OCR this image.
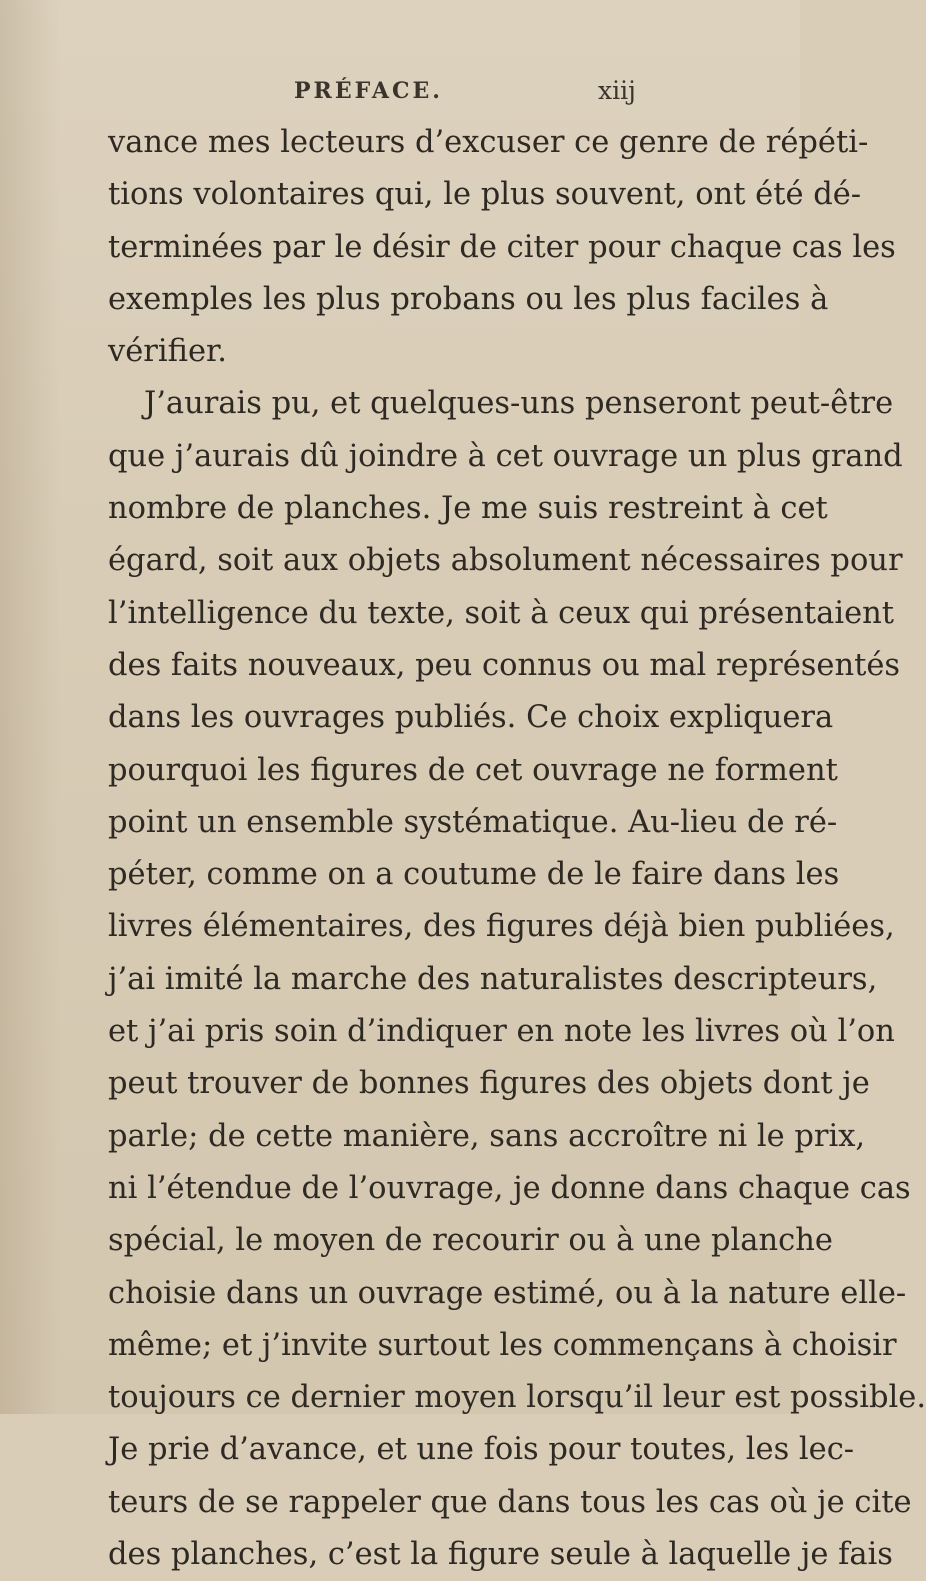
PRÉFACE.	xiij
vance mes lecteurs d’excuser ce genre de répéti-
tions volontaires qui, le plus souvent, ont été dé-
terminées par le désir de citer pour chaque cas les
exemples les plus probans ou les plus faciles à
vérifier.
J’aurais pu, et quelques-uns penseront peut-être
que j’aurais dû joindre à cet ouvrage un plus grand
nombre de planches. Je me suis restreint à cet
égard, soit aux objets absolument nécessaires pour
l’intelligence du texte, soit à ceux qui présentaient
des faits nouveaux, peu connus ou mal représentés
dans les ouvrages publiés. Ce choix expliquera
pourquoi les figures de cet ouvrage ne forment
point un ensemble systématique. Au-lieu de ré-
péter, comme on a coutume de le faire dans les
livres élémentaires, des figures déjà bien publiées,
j’ai imité la marche des naturalistes descripteurs,
et j’ai pris soin d’indiquer en note les livres où l’on
peut trouver de bonnes figures des objets dont je
parle; de cette manière, sans accroître ni le prix,
ni l’étendue de l’ouvrage, je donne dans chaque cas
spécial, le moyen de recourir ou à une planche
choisie dans un ouvrage estimé, ou à la nature elle-
même; et j’invite surtout les commençans à choisir
toujours ce dernier moyen lorsqu’il leur est possible.
Je prie d’avance, et une fois pour toutes, les lec-
teurs de se rappeler que dans tous les cas où je cite
des planches, c’est la figure seule à laquelle je fais
